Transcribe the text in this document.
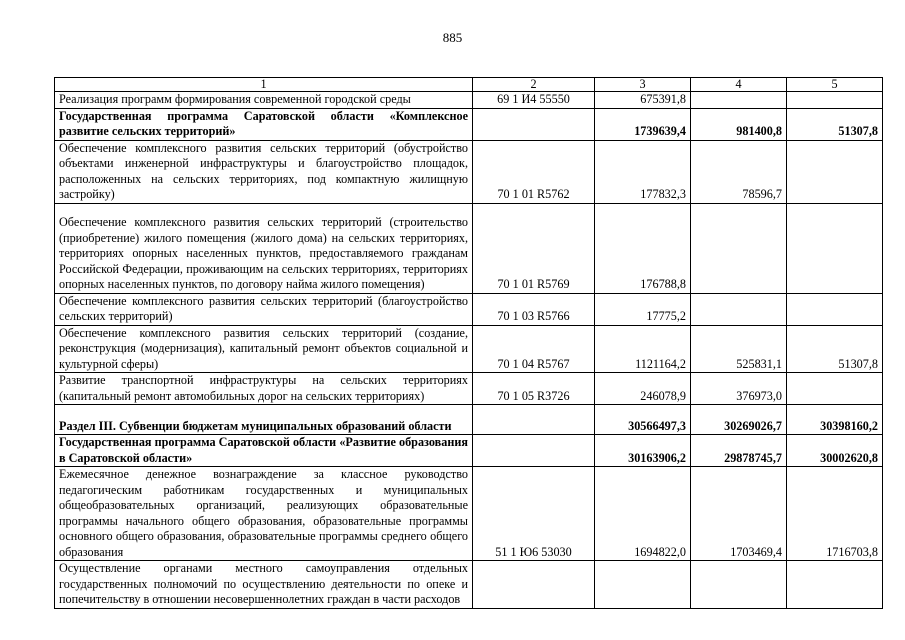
885
1	2	3	4	5
Реализация программ формирования современной городской среды	69 1 И4 55550	675391,8		
Государственная программа Саратовской области «Комплексное развитие сельских территорий»		1739639,4	981400,8	51307,8
Обеспечение комплексного развития сельских территорий (обустройство объектами инженерной инфраструктуры и благоустройство площадок, расположенных на сельских территориях, под компактную жилищную застройку)	70 1 01 R5762	177832,3	78596,7	
Обеспечение комплексного развития сельских территорий (строительство (приобретение) жилого помещения (жилого дома) на сельских территориях, территориях опорных населенных пунктов, предоставляемого гражданам Российской Федерации, проживающим на сельских территориях, территориях опорных населенных пунктов, по договору найма жилого помещения)	70 1 01 R5769	176788,8		
Обеспечение комплексного развития сельских территорий (благоустройство сельских территорий)	70 1 03 R5766	17775,2		
Обеспечение комплексного развития сельских территорий (создание, реконструкция (модернизация), капитальный ремонт объектов социальной и культурной сферы)	70 1 04 R5767	1121164,2	525831,1	51307,8
Развитие транспортной инфраструктуры на сельских территориях (капитальный ремонт автомобильных дорог на сельских территориях)	70 1 05 R3726	246078,9	376973,0	
Раздел III. Субвенции бюджетам муниципальных образований области		30566497,3	30269026,7	30398160,2
Государственная программа Саратовской области «Развитие образования в Саратовской области»		30163906,2	29878745,7	30002620,8
Ежемесячное денежное вознаграждение за классное руководство педагогическим работникам государственных и муниципальных общеобразовательных организаций, реализующих образовательные программы начального общего образования, образовательные программы основного общего образования, образовательные программы среднего общего образования	51 1 Ю6 53030	1694822,0	1703469,4	1716703,8
Осуществление органами местного самоуправления отдельных государственных полномочий по осуществлению деятельности по опеке и попечительству в отношении несовершеннолетних граждан в части расходов				
